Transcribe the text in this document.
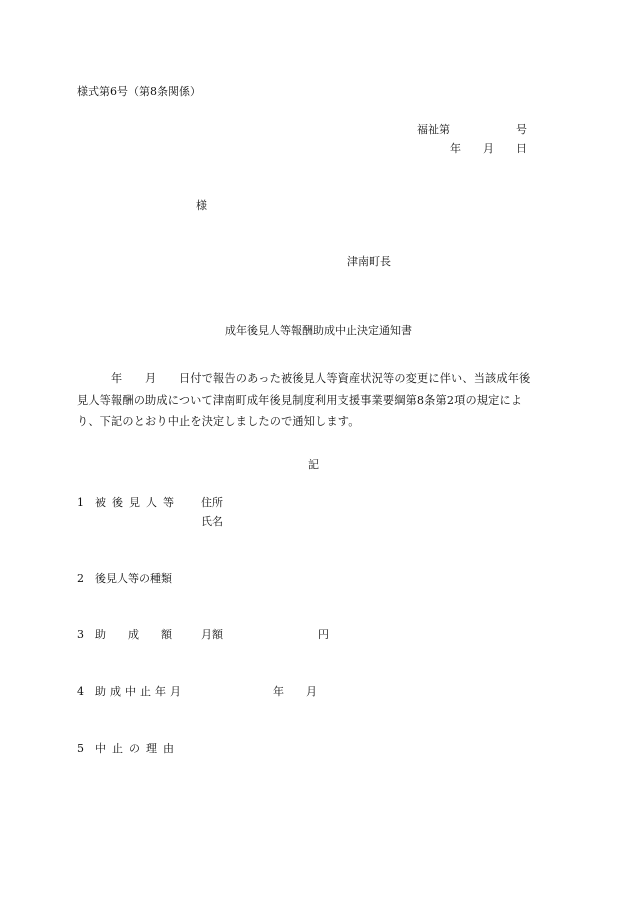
様式第6号（第8条関係）
福祉第　　　　　　号
年　　月　　日
様
津南町長

成年後見人等報酬助成中止決定通知書

　　　年　　月　　日付で報告のあった被後見人等資産状況等の変更に伴い、当該成年後
見人等報酬の助成について津南町成年後見制度利用支援事業要綱第8条第2項の規定によ
り、下記のとおり中止を決定しましたので通知します。
記
1 被後見人等 住所
氏名
2 後見人等の種類
3 助　　成　　額	月額	円
4 助成中止年月	年　　月
5 中止の理由
